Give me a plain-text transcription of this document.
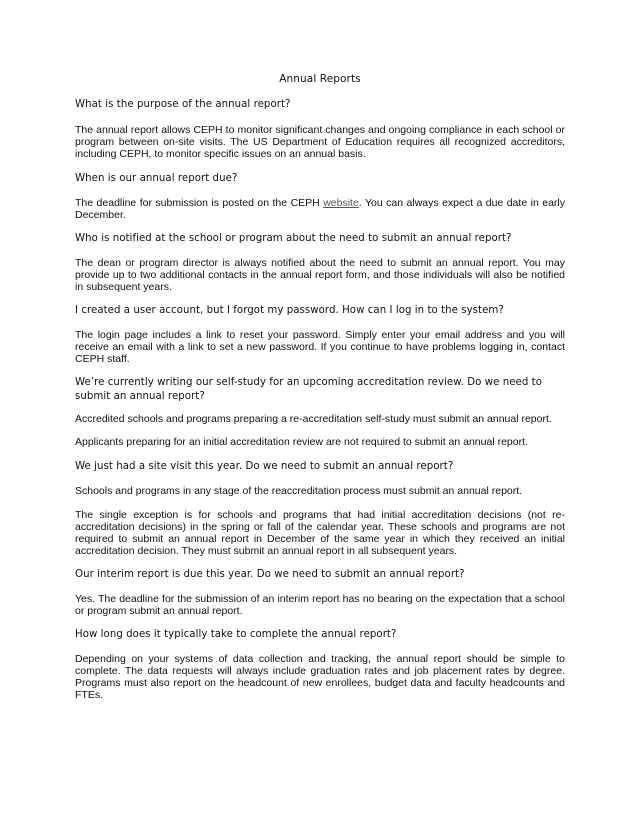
Annual Reports
What is the purpose of the annual report?
The annual report allows CEPH to monitor significant changes and ongoing compliance in each school or program between on-site visits. The US Department of Education requires all recognized accreditors, including CEPH, to monitor specific issues on an annual basis.
When is our annual report due?
The deadline for submission is posted on the CEPH website. You can always expect a due date in early December.
Who is notified at the school or program about the need to submit an annual report?
The dean or program director is always notified about the need to submit an annual report. You may provide up to two additional contacts in the annual report form, and those individuals will also be notified in subsequent years.
I created a user account, but I forgot my password. How can I log in to the system?
The login page includes a link to reset your password. Simply enter your email address and you will receive an email with a link to set a new password. If you continue to have problems logging in, contact CEPH staff.
We’re currently writing our self-study for an upcoming accreditation review. Do we need to submit an annual report?
Accredited schools and programs preparing a re-accreditation self-study must submit an annual report.
Applicants preparing for an initial accreditation review are not required to submit an annual report.
We just had a site visit this year. Do we need to submit an annual report?
Schools and programs in any stage of the reaccreditation process must submit an annual report.
The single exception is for schools and programs that had initial accreditation decisions (not re-accreditation decisions) in the spring or fall of the calendar year. These schools and programs are not required to submit an annual report in December of the same year in which they received an initial accreditation decision. They must submit an annual report in all subsequent years.
Our interim report is due this year. Do we need to submit an annual report?
Yes. The deadline for the submission of an interim report has no bearing on the expectation that a school or program submit an annual report.
How long does it typically take to complete the annual report?
Depending on your systems of data collection and tracking, the annual report should be simple to complete. The data requests will always include graduation rates and job placement rates by degree. Programs must also report on the headcount of new enrollees, budget data and faculty headcounts and FTEs.
